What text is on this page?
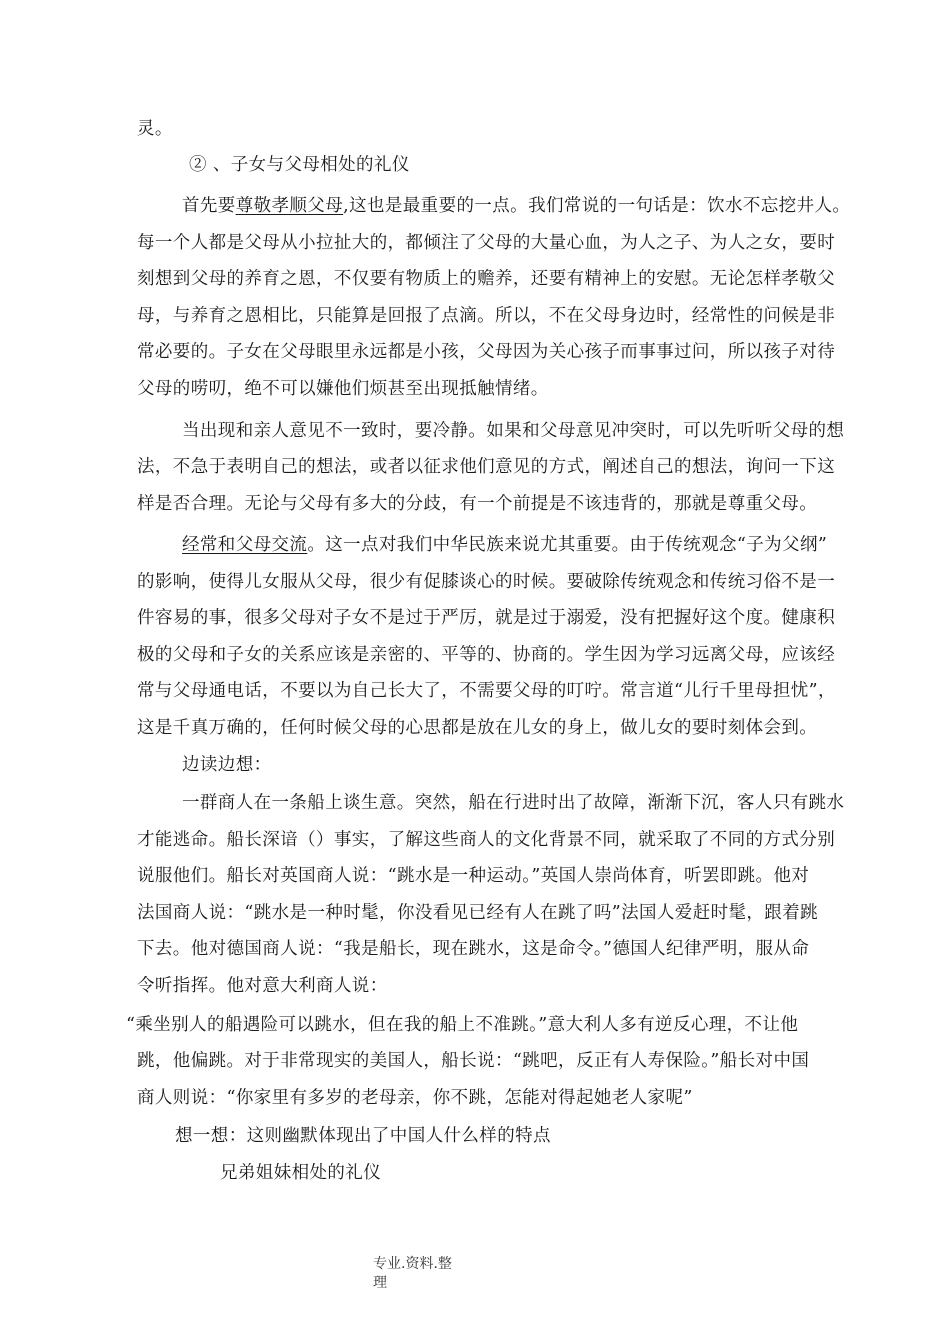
灵。
② 、子女与父母相处的礼仪
首先要尊敬孝顺父母,这也是最重要的一点。我们常说的一句话是：饮水不忘挖井人。
每一个人都是父母从小拉扯大的，都倾注了父母的大量心血，为人之子、为人之女，要时
刻想到父母的养育之恩，不仅要有物质上的赡养，还要有精神上的安慰。无论怎样孝敬父
母，与养育之恩相比，只能算是回报了点滴。所以，不在父母身边时，经常性的问候是非
常必要的。子女在父母眼里永远都是小孩，父母因为关心孩子而事事过问，所以孩子对待
父母的唠叨，绝不可以嫌他们烦甚至出现抵触情绪。
当出现和亲人意见不一致时，要冷静。如果和父母意见冲突时，可以先听听父母的想
法，不急于表明自己的想法，或者以征求他们意见的方式，阐述自己的想法，询问一下这
样是否合理。无论与父母有多大的分歧，有一个前提是不该违背的，那就是尊重父母。
经常和父母交流。这一点对我们中华民族来说尤其重要。由于传统观念“子为父纲”
的影响，使得儿女服从父母，很少有促膝谈心的时候。要破除传统观念和传统习俗不是一
件容易的事，很多父母对子女不是过于严厉，就是过于溺爱，没有把握好这个度。健康积
极的父母和子女的关系应该是亲密的、平等的、协商的。学生因为学习远离父母，应该经
常与父母通电话，不要以为自己长大了，不需要父母的叮咛。常言道“儿行千里母担忧”，
这是千真万确的，任何时候父母的心思都是放在儿女的身上，做儿女的要时刻体会到。
边读边想：
一群商人在一条船上谈生意。突然，船在行进时出了故障，渐渐下沉，客人只有跳水
才能逃命。船长深谙（）事实，了解这些商人的文化背景不同，就采取了不同的方式分别
说服他们。船长对英国商人说：“跳水是一种运动。”英国人崇尚体育，听罢即跳。他对
法国商人说：“跳水是一种时髦，你没看见已经有人在跳了吗”法国人爱赶时髦，跟着跳
下去。他对德国商人说：“我是船长，现在跳水，这是命令。”德国人纪律严明，服从命
令听指挥。他对意大利商人说：
“乘坐别人的船遇险可以跳水，但在我的船上不准跳。”意大利人多有逆反心理，不让他
跳，他偏跳。对于非常现实的美国人，船长说：“跳吧，反正有人寿保险。”船长对中国
商人则说：“你家里有多岁的老母亲，你不跳，怎能对得起她老人家呢”
想一想：这则幽默体现出了中国人什么样的特点
兄弟姐妹相处的礼仪
专业.资料.整
理
